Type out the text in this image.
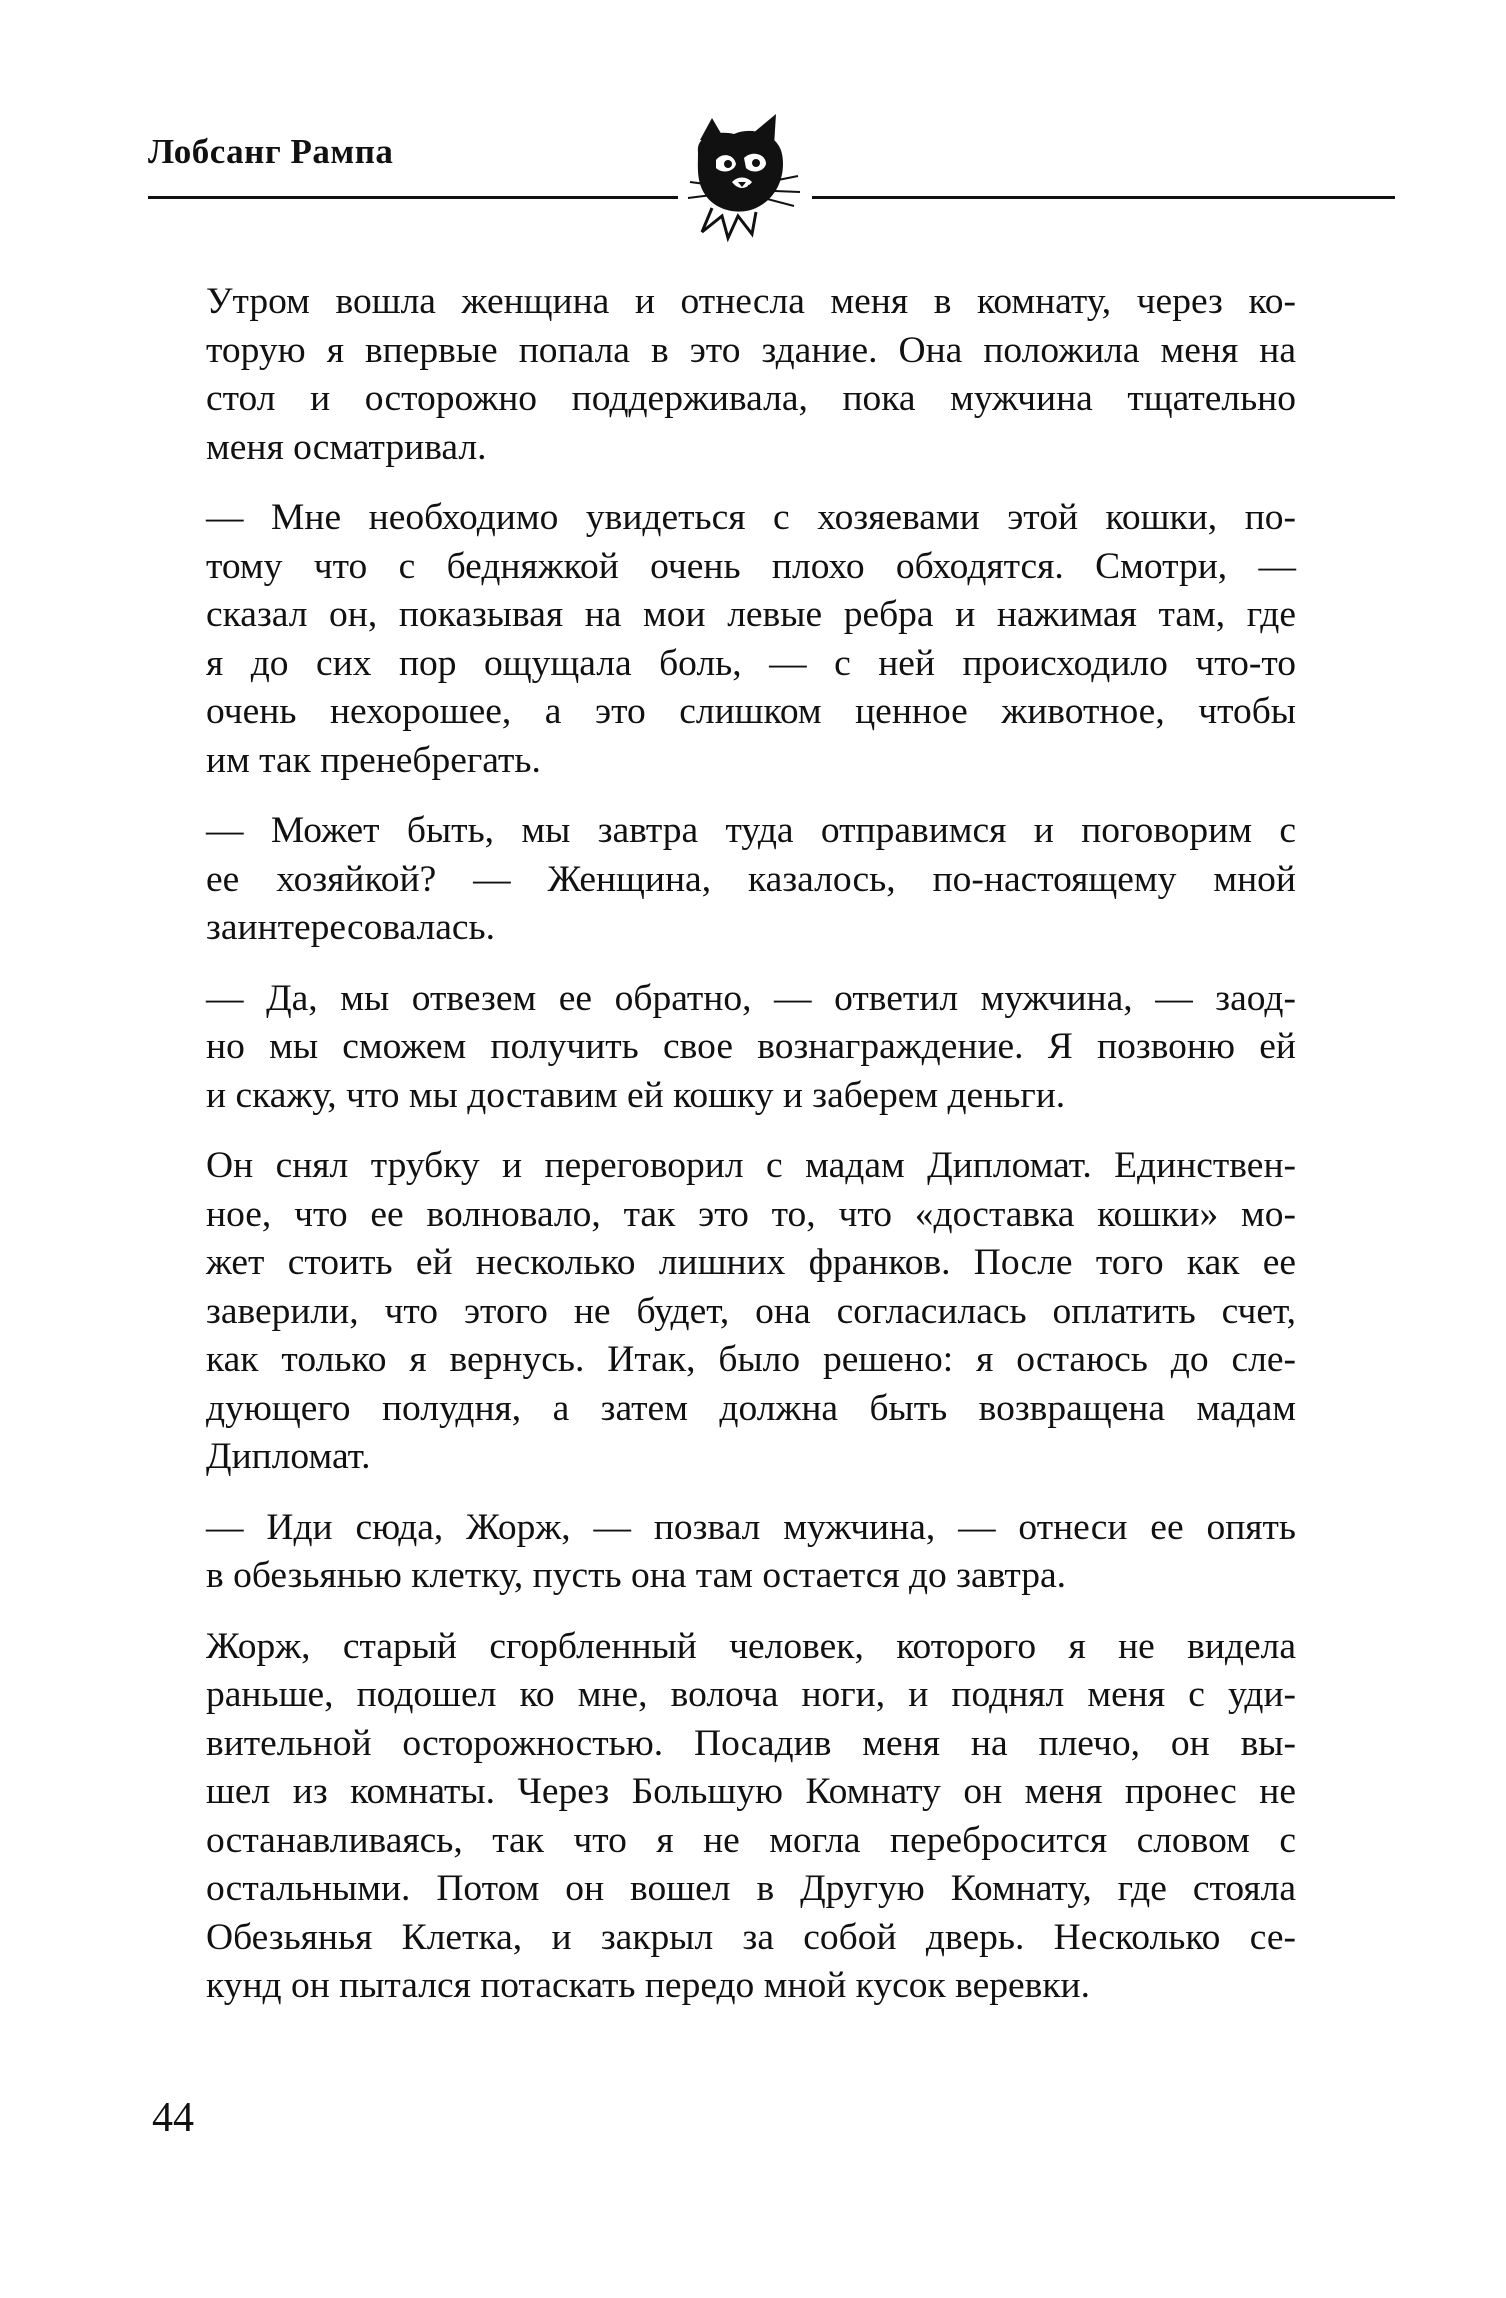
Лобсанг Рампа

Утром вошла женщина и отнесла меня в комнату, через ко-
торую я впервые попала в это здание. Она положила меня на
стол и осторожно поддерживала, пока мужчина тщательно
меня осматривал.

— Мне необходимо увидеться с хозяевами этой кошки, по-
тому что с бедняжкой очень плохо обходятся. Смотри, —
сказал он, показывая на мои левые ребра и нажимая там, где
я до сих пор ощущала боль, — с ней происходило что-то
очень нехорошее, а это слишком ценное животное, чтобы
им так пренебрегать.

— Может быть, мы завтра туда отправимся и поговорим с
ее хозяйкой? — Женщина, казалось, по-настоящему мной
заинтересовалась.

— Да, мы отвезем ее обратно, — ответил мужчина, — заод-
но мы сможем получить свое вознаграждение. Я позвоню ей
и скажу, что мы доставим ей кошку и заберем деньги.

Он снял трубку и переговорил с мадам Дипломат. Единствен-
ное, что ее волновало, так это то, что «доставка кошки» мо-
жет стоить ей несколько лишних франков. После того как ее
заверили, что этого не будет, она согласилась оплатить счет,
как только я вернусь. Итак, было решено: я остаюсь до сле-
дующего полудня, а затем должна быть возвращена мадам
Дипломат.

— Иди сюда, Жорж, — позвал мужчина, — отнеси ее опять
в обезьянью клетку, пусть она там остается до завтра.

Жорж, старый сгорбленный человек, которого я не видела
раньше, подошел ко мне, волоча ноги, и поднял меня с уди-
вительной осторожностью. Посадив меня на плечо, он вы-
шел из комнаты. Через Большую Комнату он меня пронес не
останавливаясь, так что я не могла перебросится словом с
остальными. Потом он вошел в Другую Комнату, где стояла
Обезьянья Клетка, и закрыл за собой дверь. Несколько се-
кунд он пытался потаскать передо мной кусок веревки.

44
